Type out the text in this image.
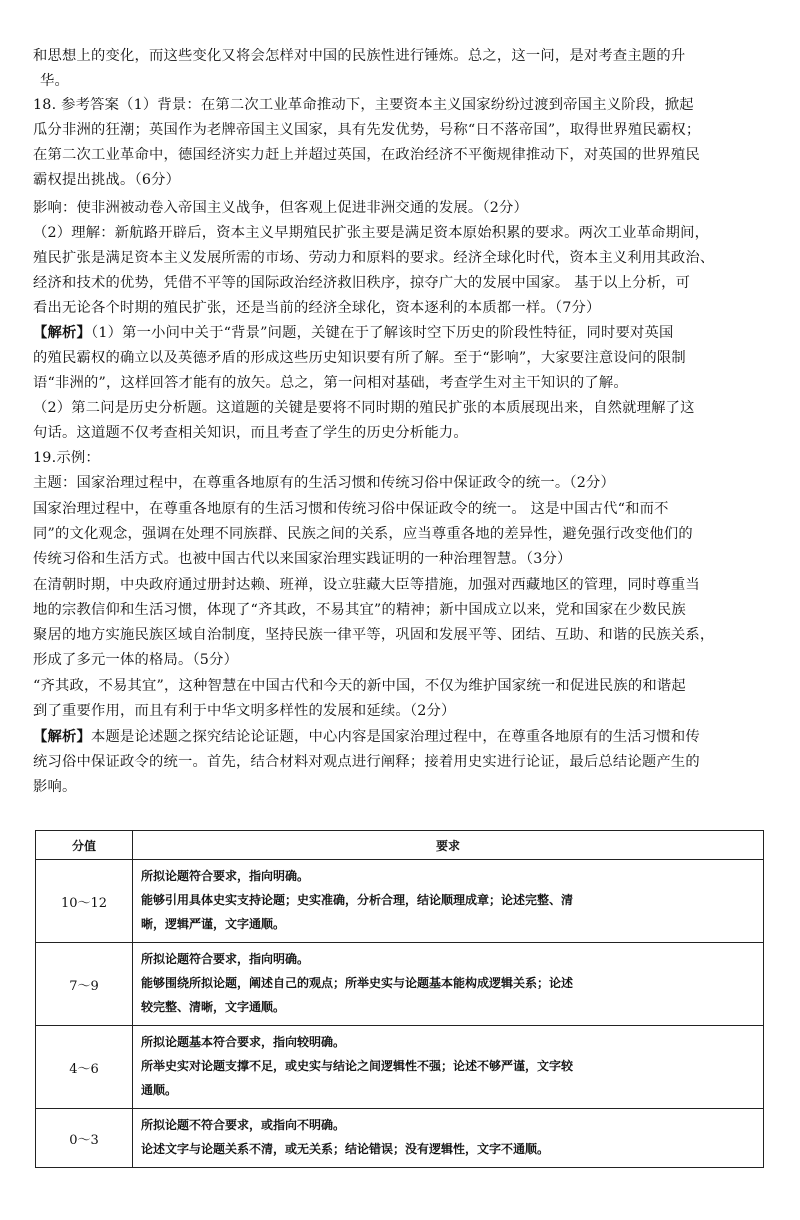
和思想上的变化，而这些变化又将会怎样对中国的民族性进行锤炼。总之，这一问，是对考查主题的升
华。
18. 参考答案（1）背景：在第二次工业革命推动下，主要资本主义国家纷纷过渡到帝国主义阶段，掀起
瓜分非洲的狂潮；英国作为老牌帝国主义国家，具有先发优势，号称“日不落帝国”，取得世界殖民霸权；
在第二次工业革命中，德国经济实力赶上并超过英国，在政治经济不平衡规律推动下，对英国的世界殖民
霸权提出挑战。（6分）
影响：使非洲被动卷入帝国主义战争，但客观上促进非洲交通的发展。（2分）
（2）理解：新航路开辟后，资本主义早期殖民扩张主要是满足资本原始积累的要求。两次工业革命期间，
殖民扩张是满足资本主义发展所需的市场、劳动力和原料的要求。经济全球化时代，资本主义利用其政治、
经济和技术的优势，凭借不平等的国际政治经济救旧秩序，掠夺广大的发展中国家。 基于以上分析，可
看出无论各个时期的殖民扩张，还是当前的经济全球化，资本逐利的本质都一样。（7分）
【解析】（1）第一小问中关于“背景”问题，关键在于了解该时空下历史的阶段性特征，同时要对英国
的殖民霸权的确立以及英德矛盾的形成这些历史知识要有所了解。至于“影响”，大家要注意设问的限制
语“非洲的”，这样回答才能有的放矢。总之，第一问相对基础，考查学生对主干知识的了解。
（2）第二问是历史分析题。这道题的关键是要将不同时期的殖民扩张的本质展现出来，自然就理解了这
句话。这道题不仅考查相关知识，而且考查了学生的历史分析能力。
19.示例：
主题：国家治理过程中，在尊重各地原有的生活习惯和传统习俗中保证政令的统一。（2分）
国家治理过程中，在尊重各地原有的生活习惯和传统习俗中保证政令的统一。 这是中国古代“和而不
同”的文化观念，强调在处理不同族群、民族之间的关系，应当尊重各地的差异性，避免强行改变他们的
传统习俗和生活方式。也被中国古代以来国家治理实践证明的一种治理智慧。（3分）
在清朝时期，中央政府通过册封达赖、班禅，设立驻藏大臣等措施，加强对西藏地区的管理，同时尊重当
地的宗教信仰和生活习惯，体现了“齐其政，不易其宜”的精神；新中国成立以来，党和国家在少数民族
聚居的地方实施民族区域自治制度，坚持民族一律平等，巩固和发展平等、团结、互助、和谐的民族关系，
形成了多元一体的格局。（5分）
“齐其政，不易其宜”，这种智慧在中国古代和今天的新中国，不仅为维护国家统一和促进民族的和谐起
到了重要作用，而且有利于中华文明多样性的发展和延续。（2分）
【解析】本题是论述题之探究结论论证题，中心内容是国家治理过程中，在尊重各地原有的生活习惯和传
统习俗中保证政令的统一。首先，结合材料对观点进行阐释；接着用史实进行论证，最后总结论题产生的
影响。
分值	要求
10～12	所拟论题符合要求，指向明确。
能够引用具体史实支持论题；史实准确，分析合理，结论顺理成章；论述完整、清
晰，逻辑严谨，文字通顺。

7～9	所拟论题符合要求，指向明确。
能够围绕所拟论题，阐述自己的观点；所举史实与论题基本能构成逻辑关系；论述
较完整、清晰，文字通顺。

4～6	所拟论题基本符合要求，指向较明确。
所举史实对论题支撑不足，或史实与结论之间逻辑性不强；论述不够严谨，文字较
通顺。

0～3	所拟论题不符合要求，或指向不明确。
论述文字与论题关系不清，或无关系；结论错误；没有逻辑性，文字不通顺。
